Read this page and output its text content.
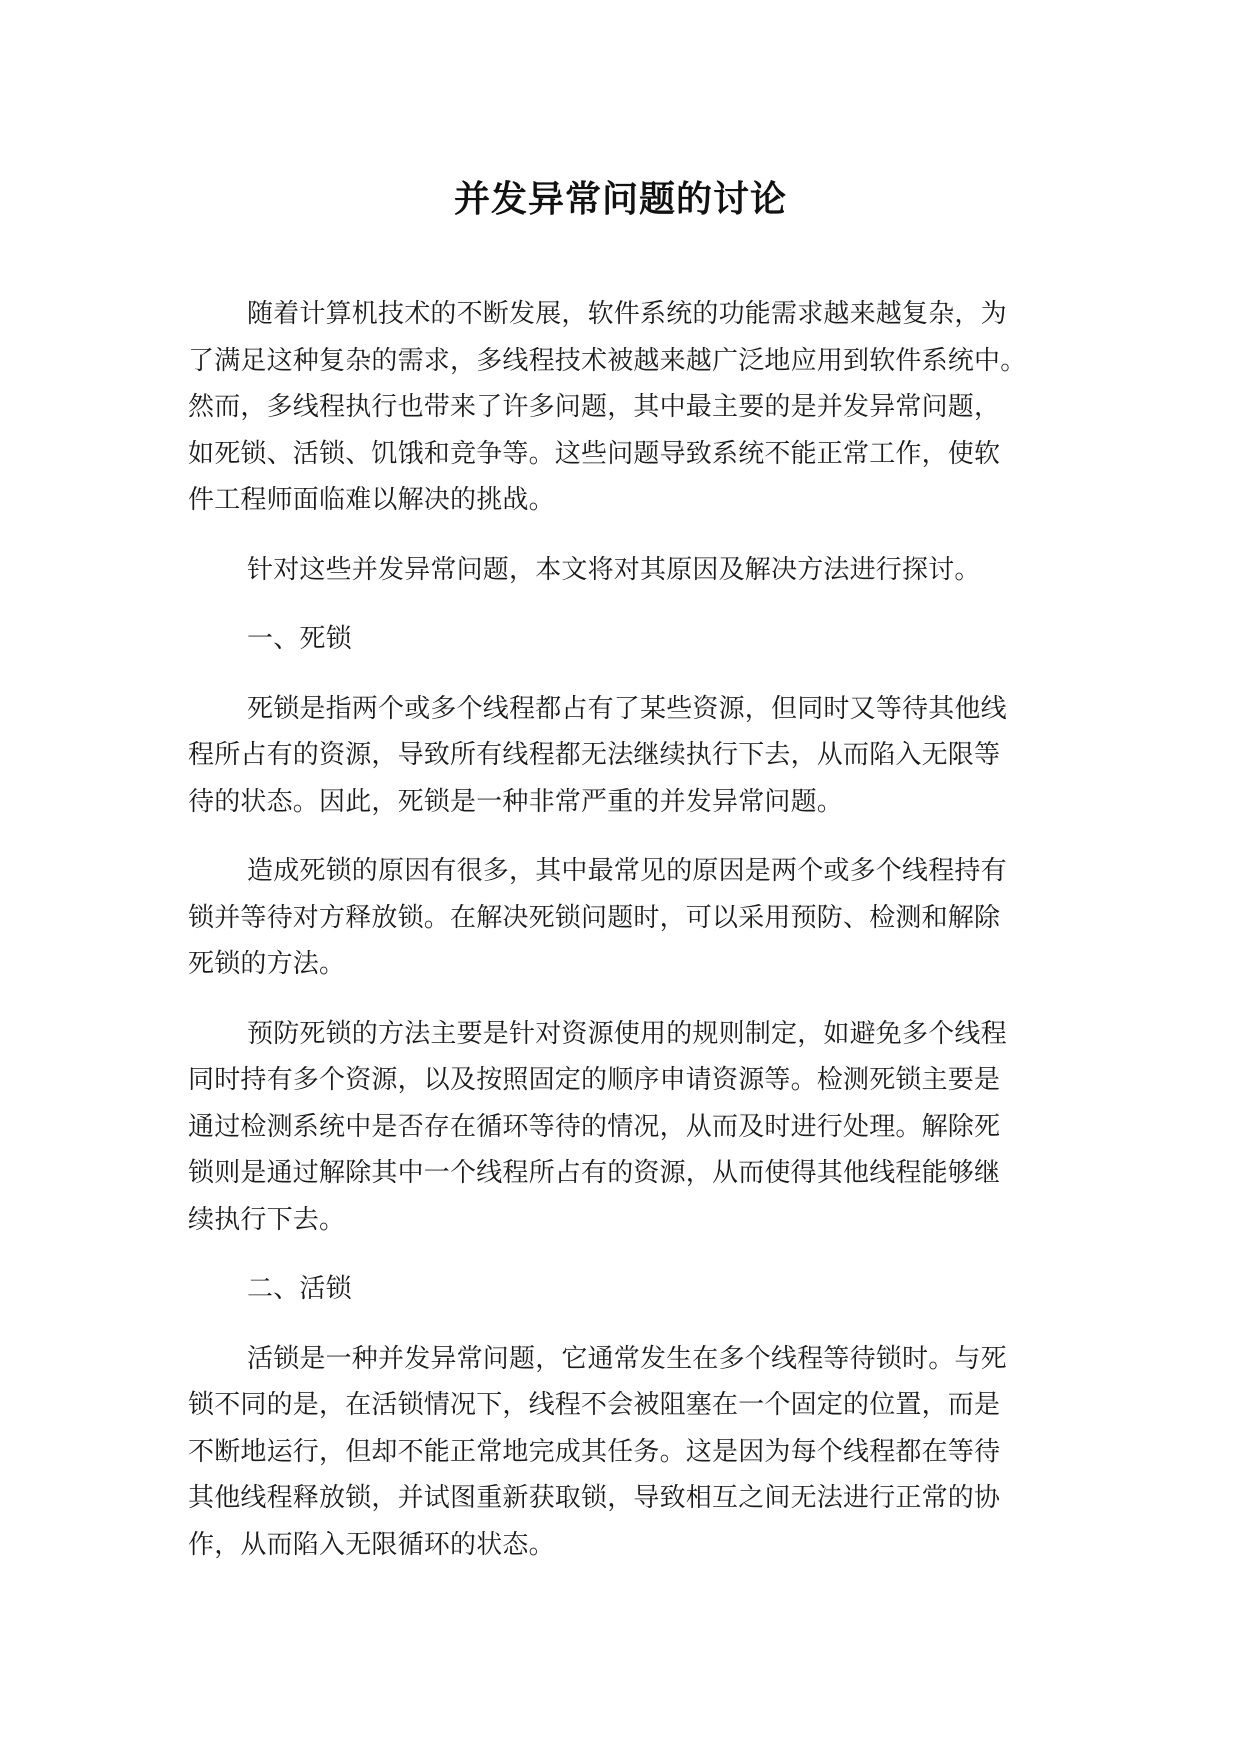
并发异常问题的讨论
随着计算机技术的不断发展，软件系统的功能需求越来越复杂，为
了满足这种复杂的需求，多线程技术被越来越广泛地应用到软件系统中。
然而，多线程执行也带来了许多问题，其中最主要的是并发异常问题，
如死锁、活锁、饥饿和竞争等。这些问题导致系统不能正常工作，使软
件工程师面临难以解决的挑战。
针对这些并发异常问题，本文将对其原因及解决方法进行探讨。
一、死锁
死锁是指两个或多个线程都占有了某些资源，但同时又等待其他线
程所占有的资源，导致所有线程都无法继续执行下去，从而陷入无限等
待的状态。因此，死锁是一种非常严重的并发异常问题。
造成死锁的原因有很多，其中最常见的原因是两个或多个线程持有
锁并等待对方释放锁。在解决死锁问题时，可以采用预防、检测和解除
死锁的方法。
预防死锁的方法主要是针对资源使用的规则制定，如避免多个线程
同时持有多个资源，以及按照固定的顺序申请资源等。检测死锁主要是
通过检测系统中是否存在循环等待的情况，从而及时进行处理。解除死
锁则是通过解除其中一个线程所占有的资源，从而使得其他线程能够继
续执行下去。
二、活锁
活锁是一种并发异常问题，它通常发生在多个线程等待锁时。与死
锁不同的是，在活锁情况下，线程不会被阻塞在一个固定的位置，而是
不断地运行，但却不能正常地完成其任务。这是因为每个线程都在等待
其他线程释放锁，并试图重新获取锁，导致相互之间无法进行正常的协
作，从而陷入无限循环的状态。
